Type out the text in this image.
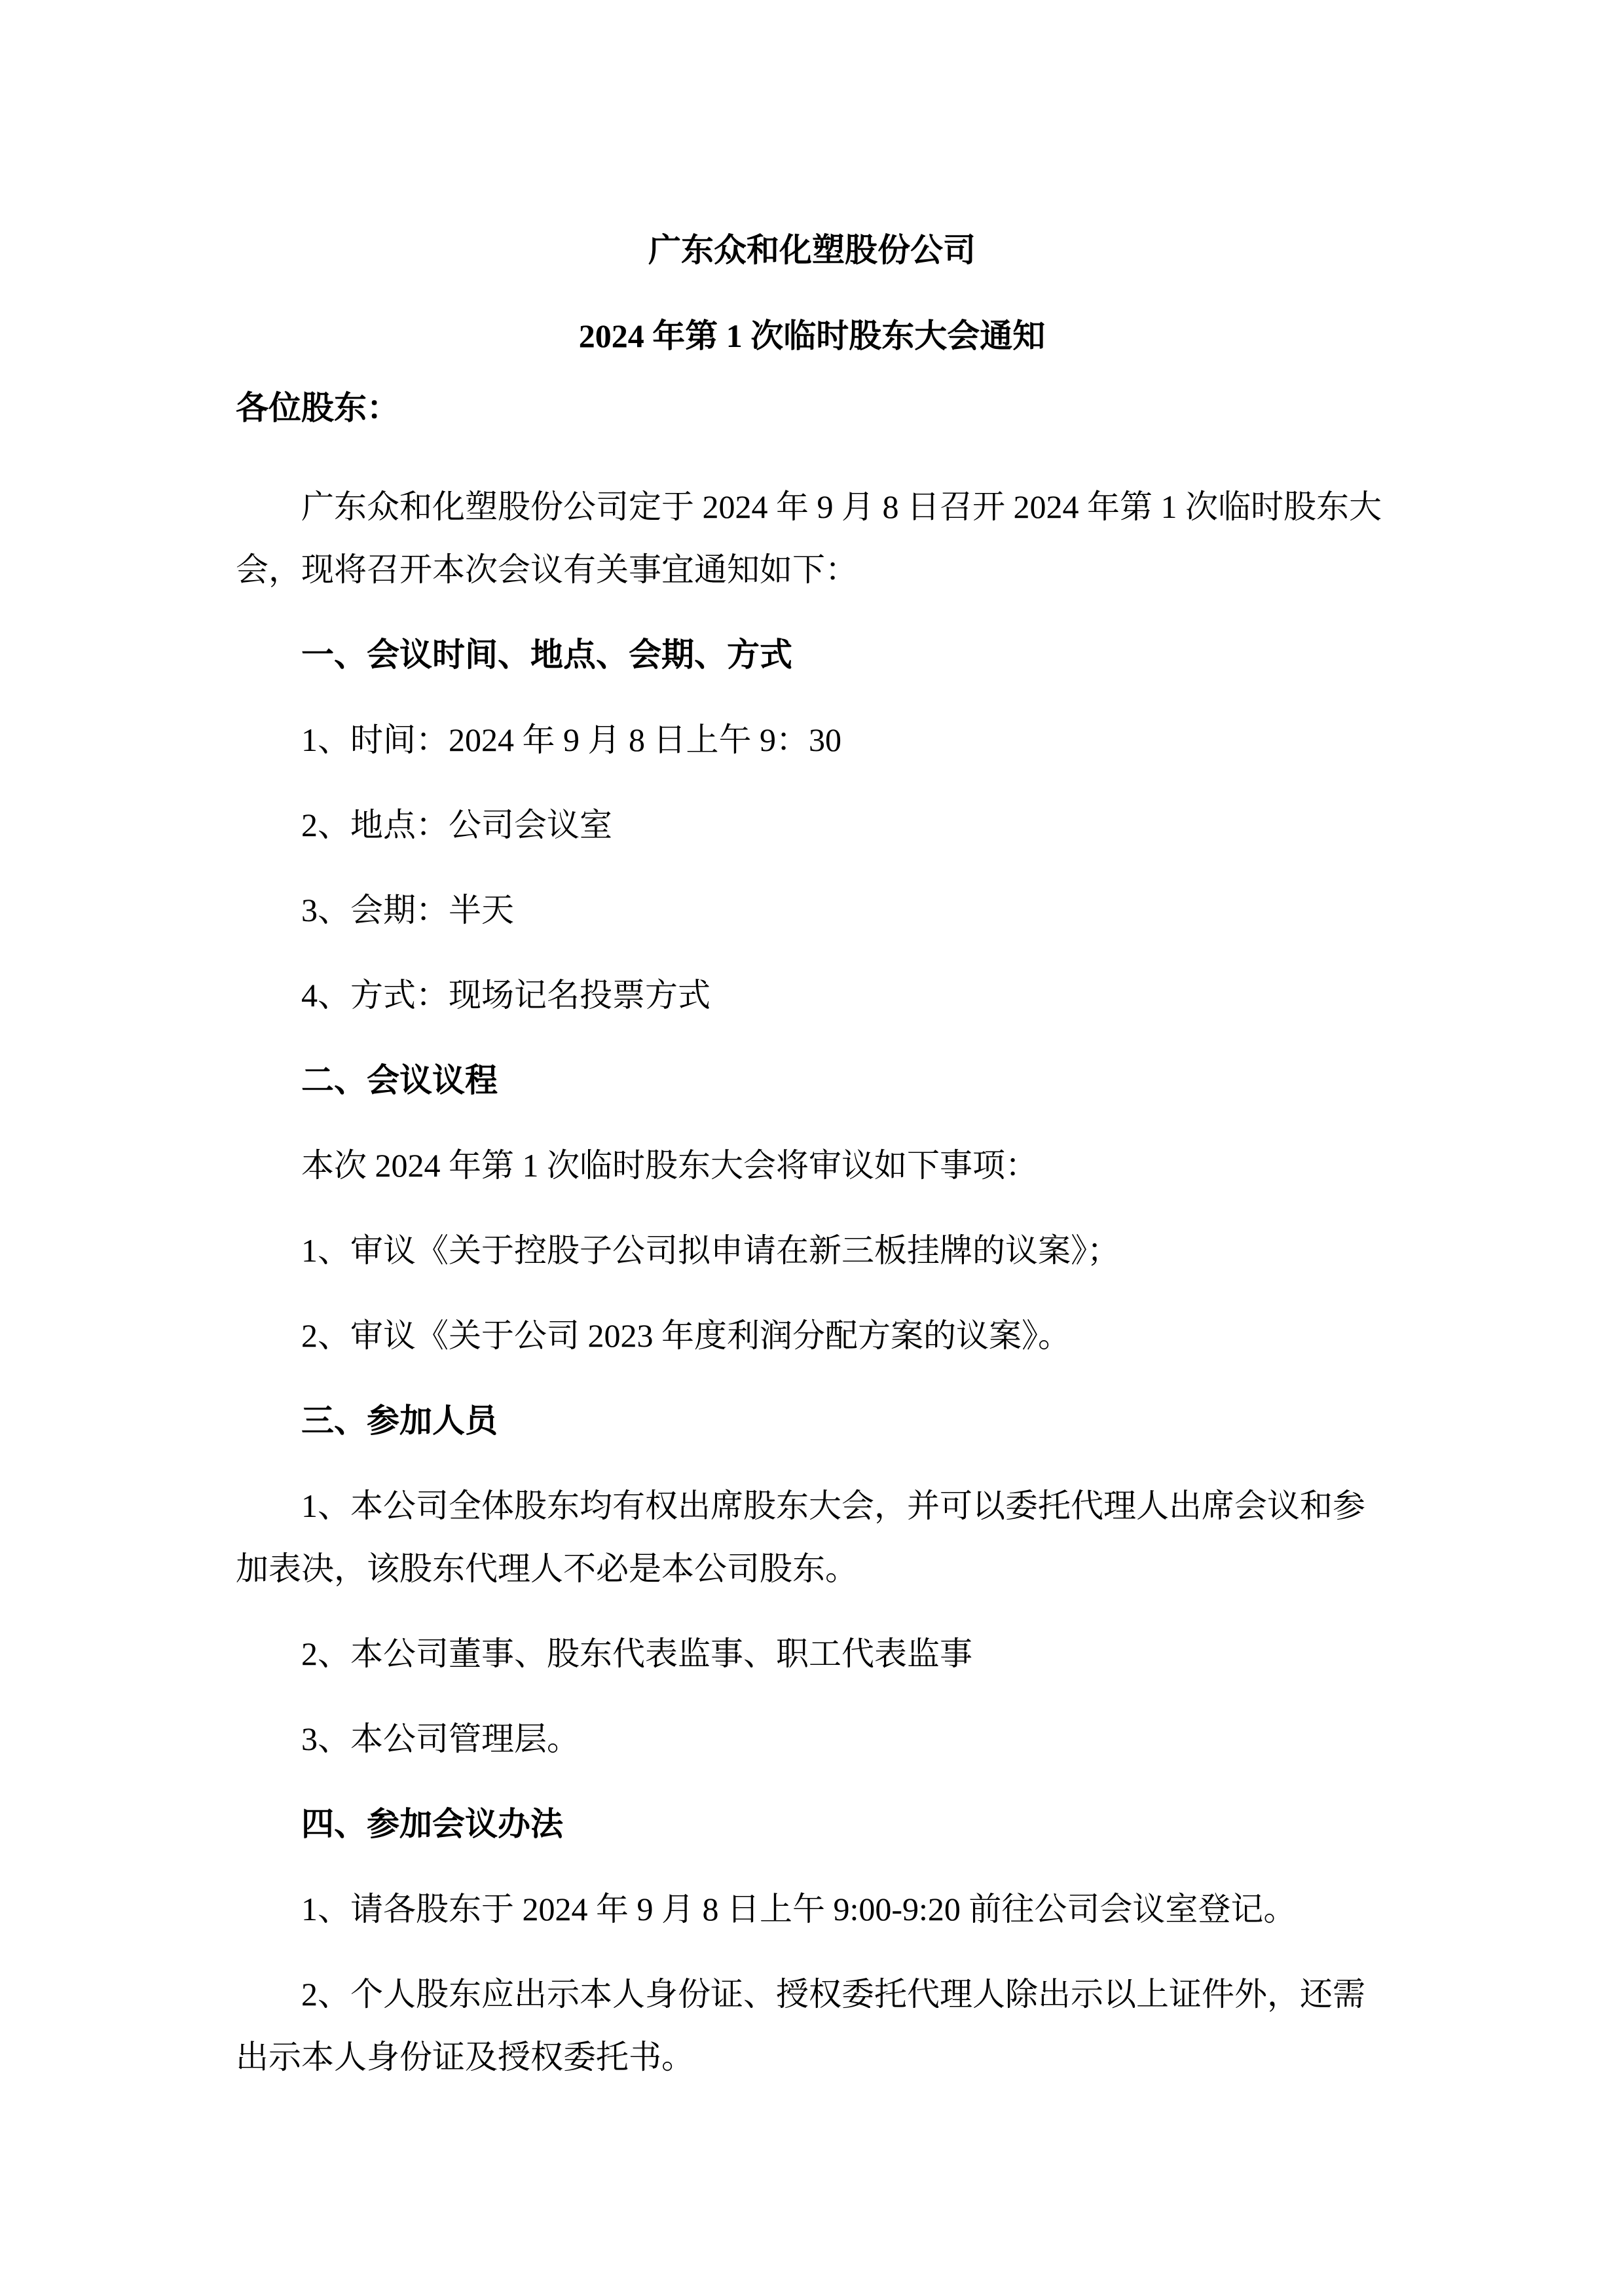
广东众和化塑股份公司
2024 年第 1 次临时股东大会通知
各位股东：
广东众和化塑股份公司定于 2024 年 9 月 8 日召开 2024 年第 1 次临时股东大
会，现将召开本次会议有关事宜通知如下：
一、会议时间、地点、会期、方式
1、时间：2024 年 9 月 8 日上午 9：30
2、地点：公司会议室
3、会期：半天
4、方式：现场记名投票方式
二、会议议程
本次 2024 年第 1 次临时股东大会将审议如下事项：
1、审议《关于控股子公司拟申请在新三板挂牌的议案》；
2、审议《关于公司 2023 年度利润分配方案的议案》。
三、参加人员
1、本公司全体股东均有权出席股东大会，并可以委托代理人出席会议和参
加表决，该股东代理人不必是本公司股东。
2、本公司董事、股东代表监事、职工代表监事
3、本公司管理层。
四、参加会议办法
1、请各股东于 2024 年 9 月 8 日上午 9:00-9:20 前往公司会议室登记。
2、个人股东应出示本人身份证、授权委托代理人除出示以上证件外，还需
出示本人身份证及授权委托书。
